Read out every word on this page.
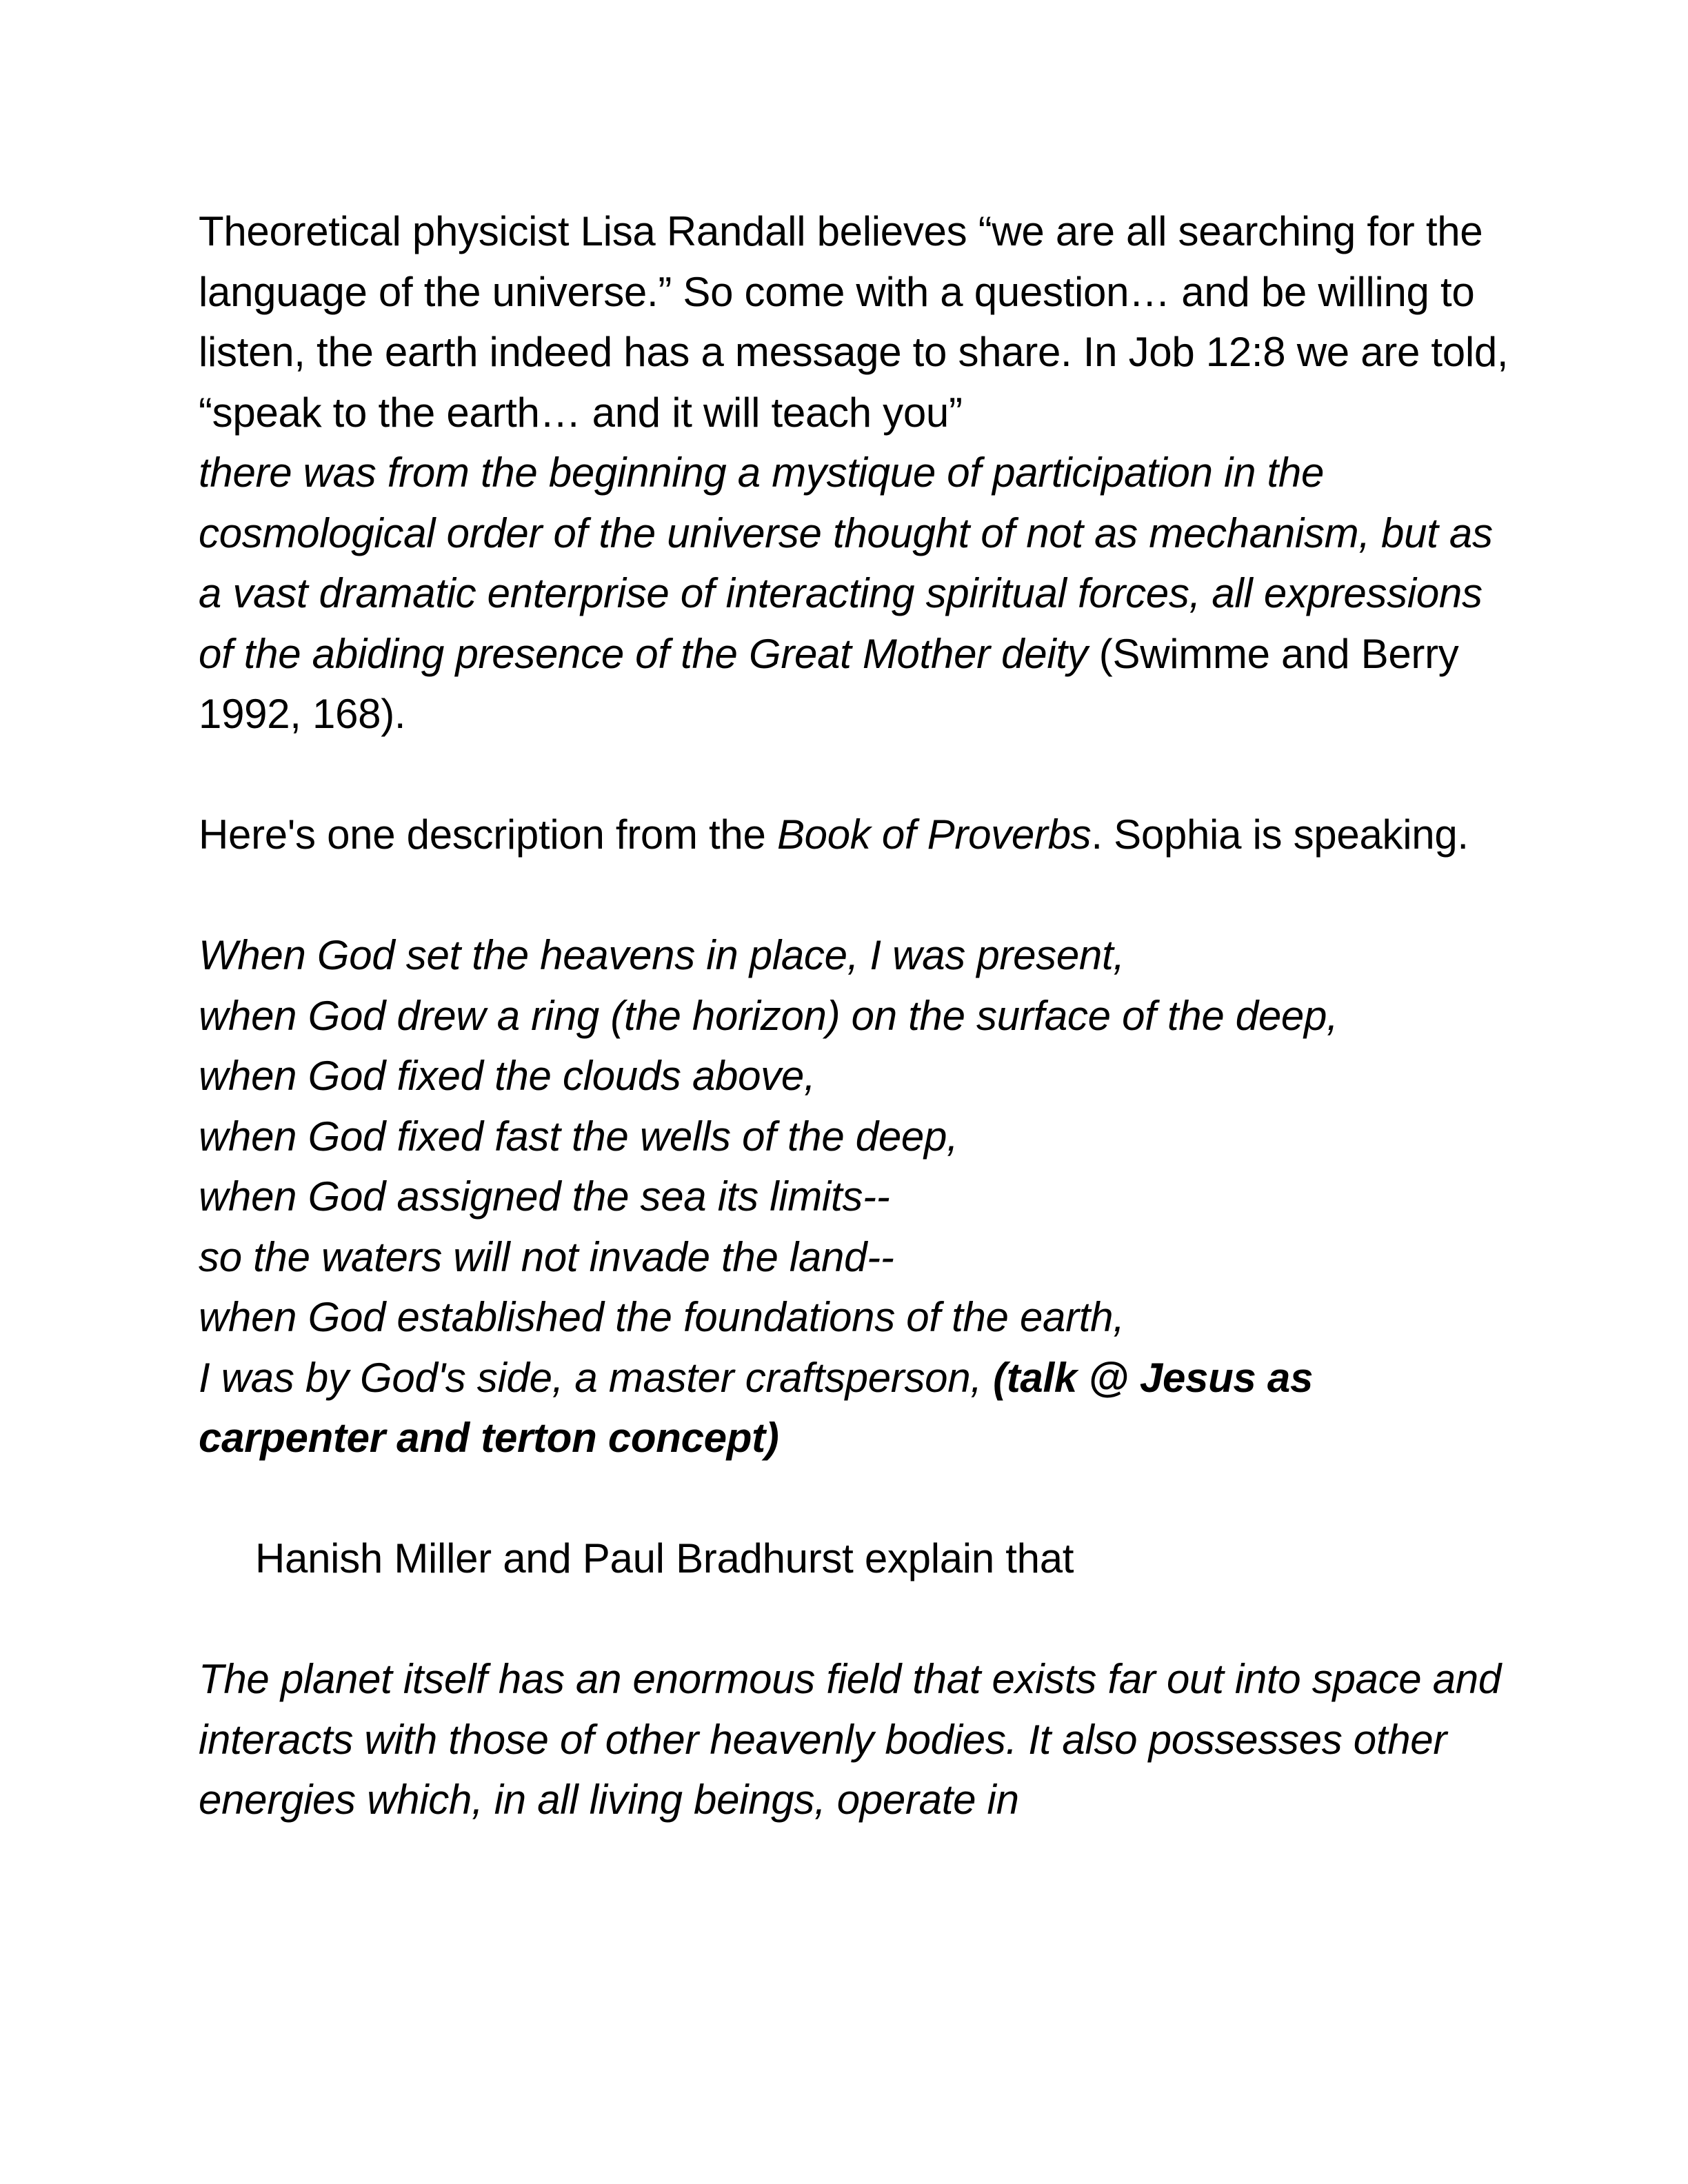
Theoretical physicist Lisa Randall believes “we are all searching for the language of the universe.” So come with a question… and be willing to listen, the earth indeed has a message to share. In Job 12:8 we are told, “speak to the earth… and it will teach you”

there was from the beginning a mystique of participation in the cosmological order of the universe thought of not as mechanism, but as a vast dramatic enterprise of interacting spiritual forces, all expressions of the abiding presence of the Great Mother deity (Swimme and Berry 1992, 168).

Here's one description from the Book of Proverbs. Sophia is speaking.

When God set the heavens in place, I was present,
when God drew a ring (the horizon) on the surface of the deep,
when God fixed the clouds above,
when God fixed fast the wells of the deep,
when God assigned the sea its limits--
so the waters will not invade the land--
when God established the foundations of the earth,
I was by God's side, a master craftsperson, (talk @ Jesus as carpenter and terton concept)

Hanish Miller and Paul Bradhurst explain that

The planet itself has an enormous field that exists far out into space and interacts with those of other heavenly bodies. It also possesses other energies which, in all living beings, operate in
